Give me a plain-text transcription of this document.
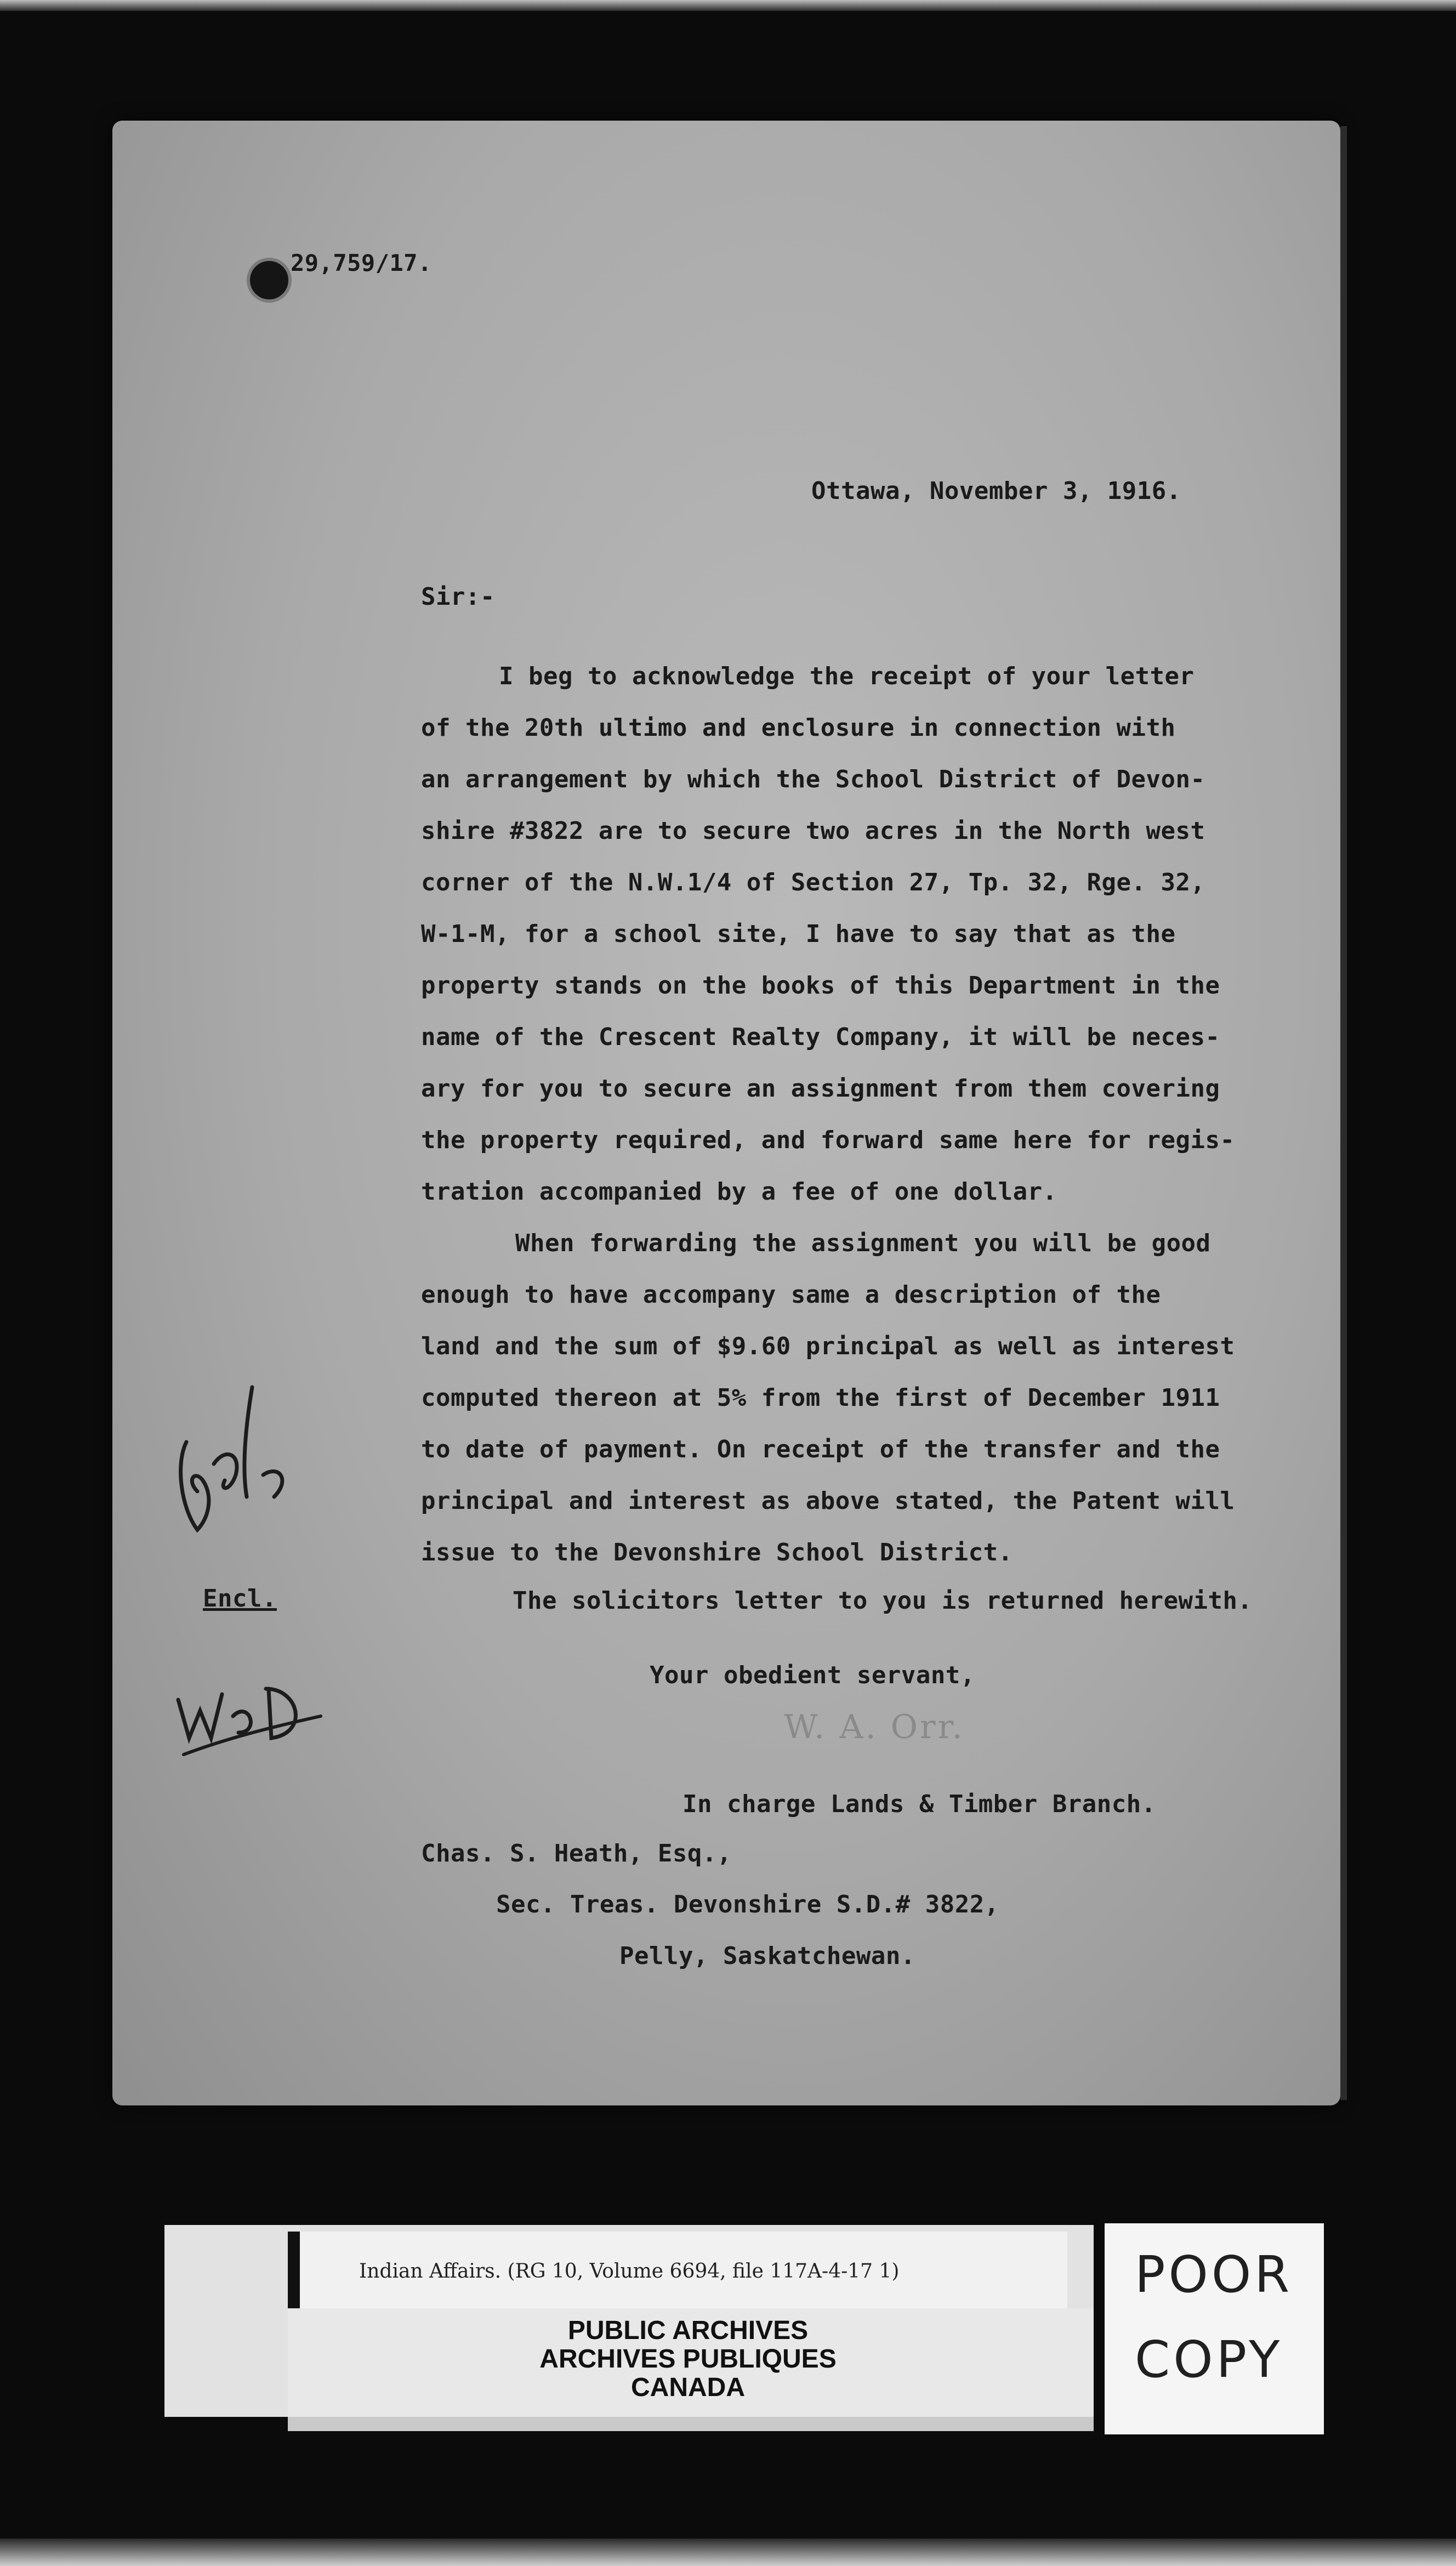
29,759/17.
Ottawa, November 3, 1916.
Sir:-
I beg to acknowledge the receipt of your letter
of the 20th ultimo and enclosure in connection with
an arrangement by which the School District of Devon-
shire #3822 are to secure two acres in the North west
corner of the N.W.1/4 of Section 27, Tp. 32, Rge. 32,
W-1-M, for a school site, I have to say that as the
property stands on the books of this Department in the
name of the Crescent Realty Company, it will be neces-
ary for you to secure an assignment from them covering
the property required, and forward same here for regis-
tration accompanied by a fee of one dollar.
When forwarding the assignment you will be good
enough to have accompany same a description of the
land and the sum of $9.60 principal as well as interest
computed thereon at 5% from the first of December 1911
to date of payment. On receipt of the transfer and the
principal and interest as above stated, the Patent will
issue to the Devonshire School District.
The solicitors letter to you is returned herewith.
Your obedient servant,
W. A. Orr.
In charge Lands & Timber Branch.
Chas. S. Heath, Esq.,
Sec. Treas. Devonshire S.D.# 3822,
Pelly, Saskatchewan.
Encl.
Indian Affairs. (RG 10, Volume 6694, file 117A-4-17 1)
PUBLIC ARCHIVES
ARCHIVES PUBLIQUES
CANADA
POOR
COPY
